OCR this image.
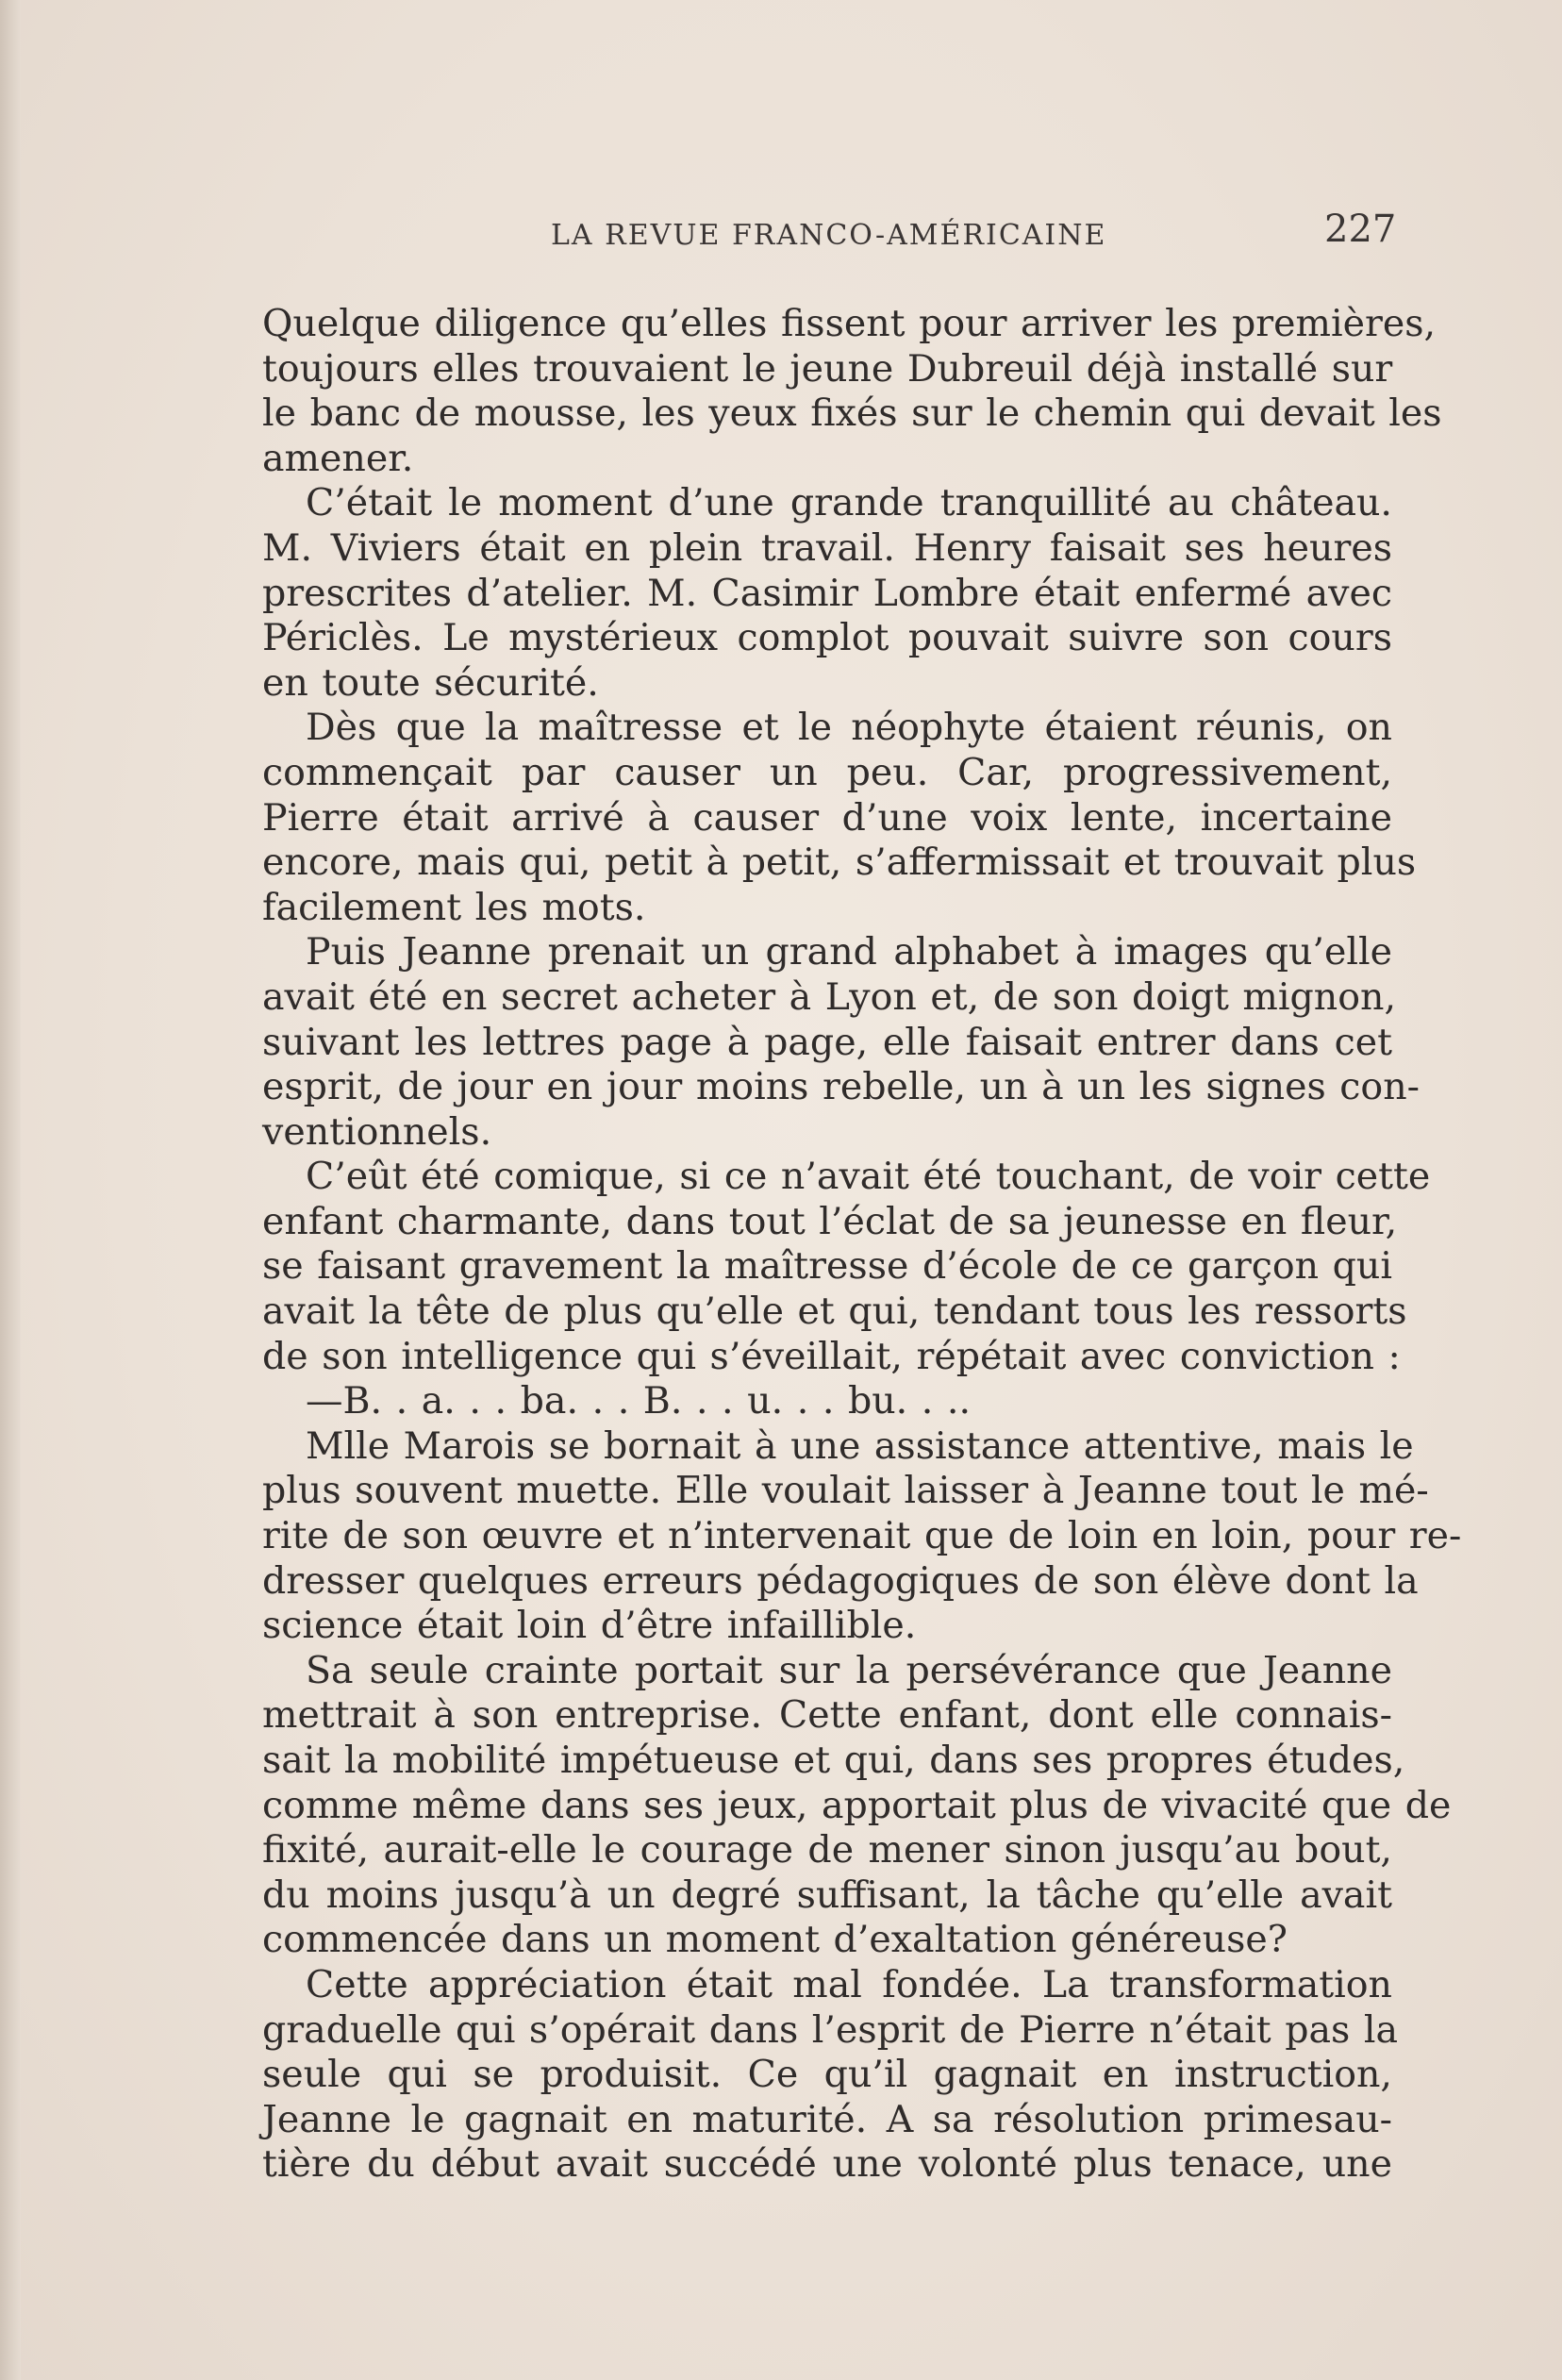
LA REVUE FRANCO-AMÉRICAINE	227
Quelque diligence qu’elles fissent pour arriver les premières,
toujours elles trouvaient le jeune Dubreuil déjà installé sur
le banc de mousse, les yeux fixés sur le chemin qui devait les
amener.
C’était le moment d’une grande tranquillité au château.
M. Viviers était en plein travail. Henry faisait ses heures
prescrites d’atelier. M. Casimir Lombre était enfermé avec
Périclès. Le mystérieux complot pouvait suivre son cours
en toute sécurité.
Dès que la maîtresse et le néophyte étaient réunis, on
commençait par causer un peu. Car, progressivement,
Pierre était arrivé à causer d’une voix lente, incertaine
encore, mais qui, petit à petit, s’affermissait et trouvait plus
facilement les mots.
Puis Jeanne prenait un grand alphabet à images qu’elle
avait été en secret acheter à Lyon et, de son doigt mignon,
suivant les lettres page à page, elle faisait entrer dans cet
esprit, de jour en jour moins rebelle, un à un les signes con-
ventionnels.
C’eût été comique, si ce n’avait été touchant, de voir cette
enfant charmante, dans tout l’éclat de sa jeunesse en fleur,
se faisant gravement la maîtresse d’école de ce garçon qui
avait la tête de plus qu’elle et qui, tendant tous les ressorts
de son intelligence qui s’éveillait, répétait avec conviction :
—B. . a. . . ba. . . B. . . u. . . bu. . ..
Mlle Marois se bornait à une assistance attentive, mais le
plus souvent muette. Elle voulait laisser à Jeanne tout le mé-
rite de son œuvre et n’intervenait que de loin en loin, pour re-
dresser quelques erreurs pédagogiques de son élève dont la
science était loin d’être infaillible.
Sa seule crainte portait sur la persévérance que Jeanne
mettrait à son entreprise. Cette enfant, dont elle connais-
sait la mobilité impétueuse et qui, dans ses propres études,
comme même dans ses jeux, apportait plus de vivacité que de
fixité, aurait-elle le courage de mener sinon jusqu’au bout,
du moins jusqu’à un degré suffisant, la tâche qu’elle avait
commencée dans un moment d’exaltation généreuse?
Cette appréciation était mal fondée. La transformation
graduelle qui s’opérait dans l’esprit de Pierre n’était pas la
seule qui se produisit. Ce qu’il gagnait en instruction,
Jeanne le gagnait en maturité. A sa résolution primesau-
tière du début avait succédé une volonté plus tenace, une
